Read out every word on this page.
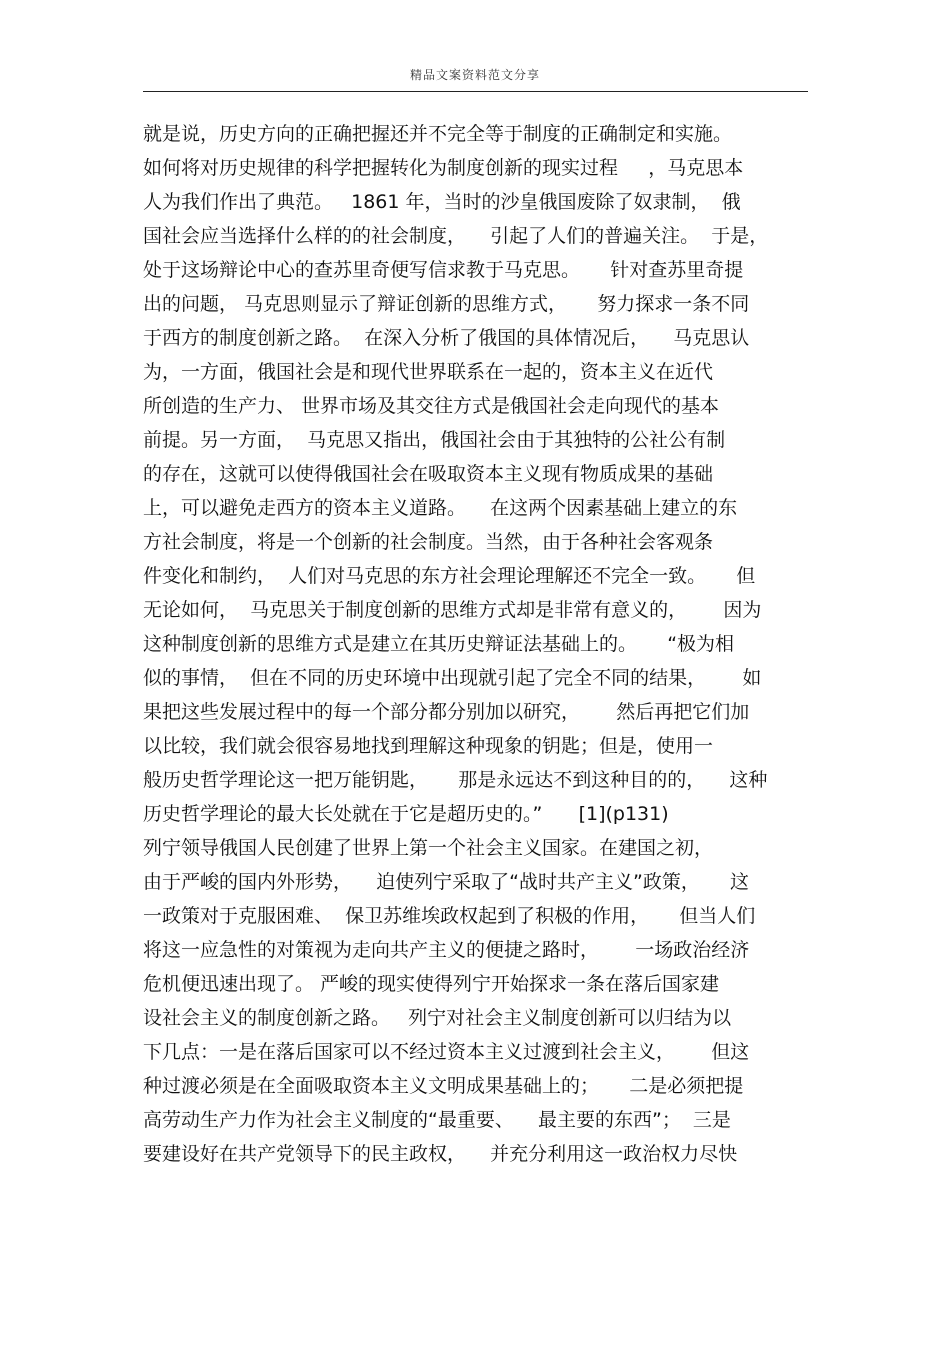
精品文案资料范文分享
就是说，历史方向的正确把握还并不完全等于制度的正确制定和实施。
如何将对历史规律的科学把握转化为制度创新的现实过程     ，马克思本
人为我们作出了典范。   1861 年，当时的沙皇俄国废除了奴隶制，  俄
国社会应当选择什么样的的社会制度，    引起了人们的普遍关注。  于是，
处于这场辩论中心的查苏里奇便写信求教于马克思。     针对查苏里奇提
出的问题， 马克思则显示了辩证创新的思维方式，     努力探求一条不同
于西方的制度创新之路。  在深入分析了俄国的具体情况后，    马克思认
为，一方面，俄国社会是和现代世界联系在一起的，资本主义在近代
所创造的生产力、 世界市场及其交往方式是俄国社会走向现代的基本
前提。另一方面，  马克思又指出，俄国社会由于其独特的公社公有制
的存在，这就可以使得俄国社会在吸取资本主义现有物质成果的基础
上，可以避免走西方的资本主义道路。    在这两个因素基础上建立的东
方社会制度，将是一个创新的社会制度。当然，由于各种社会客观条
件变化和制约，  人们对马克思的东方社会理论理解还不完全一致。     但
无论如何，  马克思关于制度创新的思维方式却是非常有意义的，      因为
这种制度创新的思维方式是建立在其历史辩证法基础上的。     “极为相
似的事情，  但在不同的历史环境中出现就引起了完全不同的结果，      如
果把这些发展过程中的每一个部分都分别加以研究，      然后再把它们加
以比较，我们就会很容易地找到理解这种现象的钥匙；但是，使用一
般历史哲学理论这一把万能钥匙，     那是永远达不到这种目的的，    这种
历史哲学理论的最大长处就在于它是超历史的。”      [1](p131)
列宁领导俄国人民创建了世界上第一个社会主义国家。在建国之初，
由于严峻的国内外形势，    迫使列宁采取了“战时共产主义”政策，     这
一政策对于克服困难、  保卫苏维埃政权起到了积极的作用，     但当人们
将这一应急性的对策视为走向共产主义的便捷之路时，      一场政治经济
危机便迅速出现了。 严峻的现实使得列宁开始探求一条在落后国家建
设社会主义的制度创新之路。   列宁对社会主义制度创新可以归结为以
下几点：一是在落后国家可以不经过资本主义过渡到社会主义，      但这
种过渡必须是在全面吸取资本主义文明成果基础上的；     二是必须把提
高劳动生产力作为社会主义制度的“最重要、    最主要的东西”；  三是
要建设好在共产党领导下的民主政权，    并充分利用这一政治权力尽快
